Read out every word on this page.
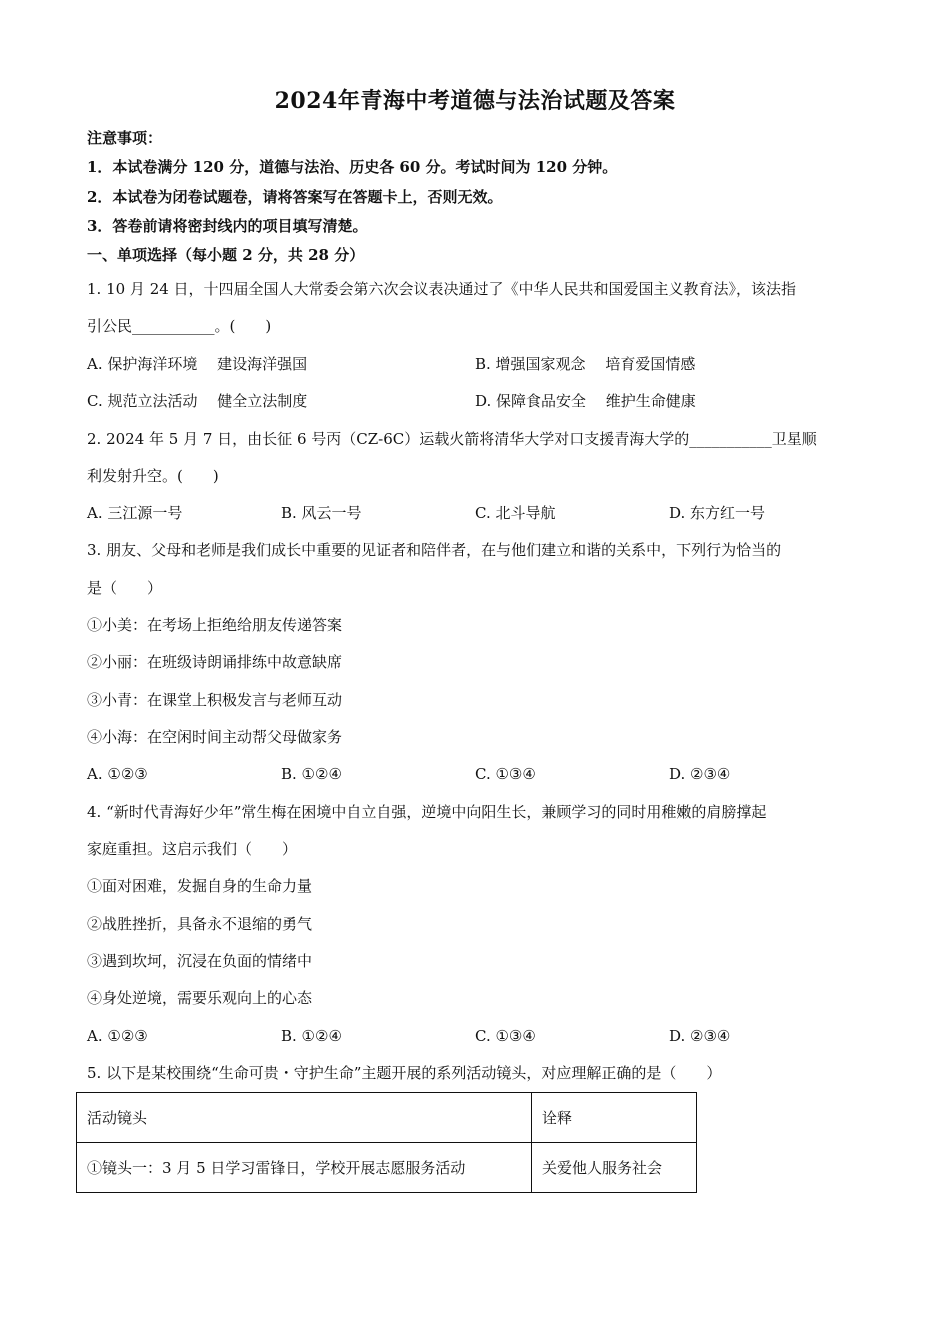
2024年青海中考道德与法治试题及答案
注意事项：
1．本试卷满分 120 分，道德与法治、历史各 60 分。考试时间为 120 分钟。
2．本试卷为闭卷试题卷，请将答案写在答题卡上，否则无效。
3．答卷前请将密封线内的项目填写清楚。
一、单项选择（每小题 2 分，共 28 分）
1. 10 月 24 日，十四届全国人大常委会第六次会议表决通过了《中华人民共和国爱国主义教育法》，该法指
引公民___________。(　　)
A. 保护海洋环境　 建设海洋强国	B. 增强国家观念　 培育爱国情感
C. 规范立法活动　 健全立法制度	D. 保障食品安全　 维护生命健康
2. 2024 年 5 月 7 日，由长征 6 号丙（CZ-6C）运载火箭将清华大学对口支援青海大学的___________卫星顺
利发射升空。(　　)
A. 三江源一号	B. 风云一号	C. 北斗导航	D. 东方红一号
3. 朋友、父母和老师是我们成长中重要的见证者和陪伴者，在与他们建立和谐的关系中，下列行为恰当的
是（　　）
①小美：在考场上拒绝给朋友传递答案
②小丽：在班级诗朗诵排练中故意缺席
③小青：在课堂上积极发言与老师互动
④小海：在空闲时间主动帮父母做家务
A. ①②③	B. ①②④	C. ①③④	D. ②③④
4. “新时代青海好少年”常生梅在困境中自立自强，逆境中向阳生长，兼顾学习的同时用稚嫩的肩膀撑起
家庭重担。这启示我们（　　）
①面对困难，发掘自身的生命力量
②战胜挫折，具备永不退缩的勇气
③遇到坎坷，沉浸在负面的情绪中
④身处逆境，需要乐观向上的心态
A. ①②③	B. ①②④	C. ①③④	D. ②③④
5. 以下是某校围绕“生命可贵・守护生命”主题开展的系列活动镜头，对应理解正确的是（　　）
活动镜头	诠释
①镜头一：3 月 5 日学习雷锋日，学校开展志愿服务活动	关爱他人服务社会
